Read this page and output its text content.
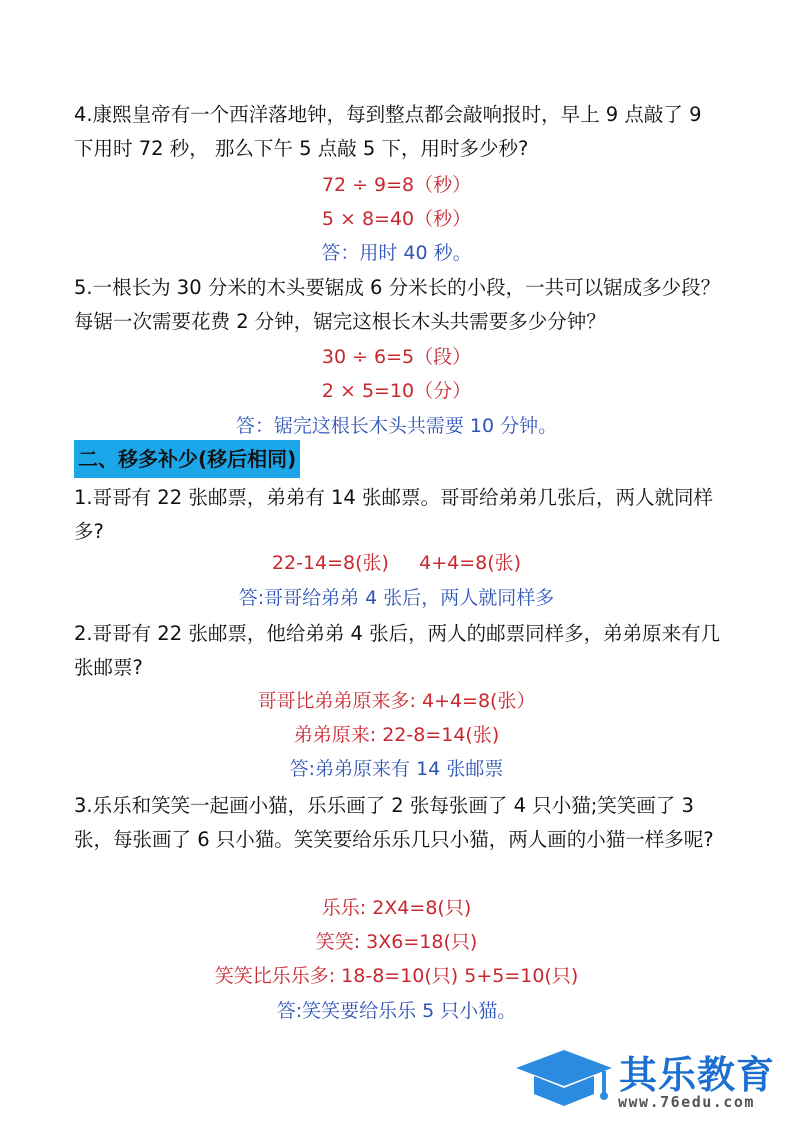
4.康熙皇帝有一个西洋落地钟，每到整点都会敲响报时，早上 9 点敲了 9 下用时 72 秒， 那么下午 5 点敲 5 下，用时多少秒?
72 ÷ 9=8（秒）
5 × 8=40（秒）
答：用时 40 秒。
5.一根长为 30 分米的木头要锯成 6 分米长的小段，一共可以锯成多少段？每锯一次需要花费 2 分钟，锯完这根长木头共需要多少分钟？
30 ÷ 6=5（段）
2 × 5=10（分）
答：锯完这根长木头共需要 10 分钟。
二、移多补少(移后相同)
1.哥哥有 22 张邮票，弟弟有 14 张邮票。哥哥给弟弟几张后，两人就同样多?
22-14=8(张)     4+4=8(张)
答:哥哥给弟弟 4 张后，两人就同样多
2.哥哥有 22 张邮票，他给弟弟 4 张后，两人的邮票同样多，弟弟原来有几张邮票?
哥哥比弟弟原来多: 4+4=8(张）
弟弟原来: 22-8=14(张)
答:弟弟原来有 14 张邮票
3.乐乐和笑笑一起画小猫，乐乐画了 2 张每张画了 4 只小猫;笑笑画了 3 张，每张画了 6 只小猫。笑笑要给乐乐几只小猫，两人画的小猫一样多呢?
乐乐: 2X4=8(只)
笑笑: 3X6=18(只)
笑笑比乐乐多: 18-8=10(只) 5+5=10(只)
答:笑笑要给乐乐 5 只小猫。
其乐教育
www.76edu.com
